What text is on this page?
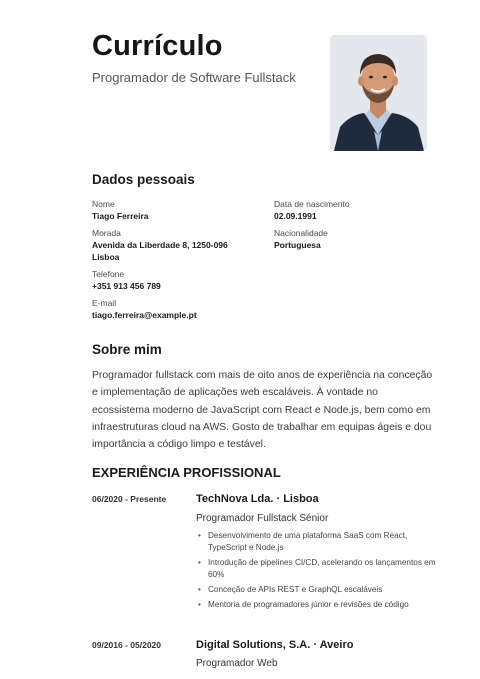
Currículo
Programador de Software Fullstack
Dados pessoais
Nome
Tiago Ferreira
Data de nascimento
02.09.1991
Morada
Avenida da Liberdade 8, 1250-096
Lisboa
Nacionalidade
Portuguesa
Telefone
+351 913 456 789
E-mail
tiago.ferreira@example.pt
Sobre mim
Programador fullstack com mais de oito anos de experiência na conceção e implementação de aplicações web escaláveis. À vontade no ecossistema moderno de JavaScript com React e Node.js, bem como em infraestruturas cloud na AWS. Gosto de trabalhar em equipas ágeis e dou importância a código limpo e testável.
EXPERIÊNCIA PROFISSIONAL
06/2020 - Presente	TechNova Lda. · Lisboa
Programador Fullstack Sénior
• Desenvolvimento de uma plataforma SaaS com React, TypeScript e Node.js
• Introdução de pipelines CI/CD, acelerando os lançamentos em 60%
• Conceção de APIs REST e GraphQL escaláveis
• Mentoria de programadores júnior e revisões de código
09/2016 - 05/2020	Digital Solutions, S.A. · Aveiro
Programador Web
